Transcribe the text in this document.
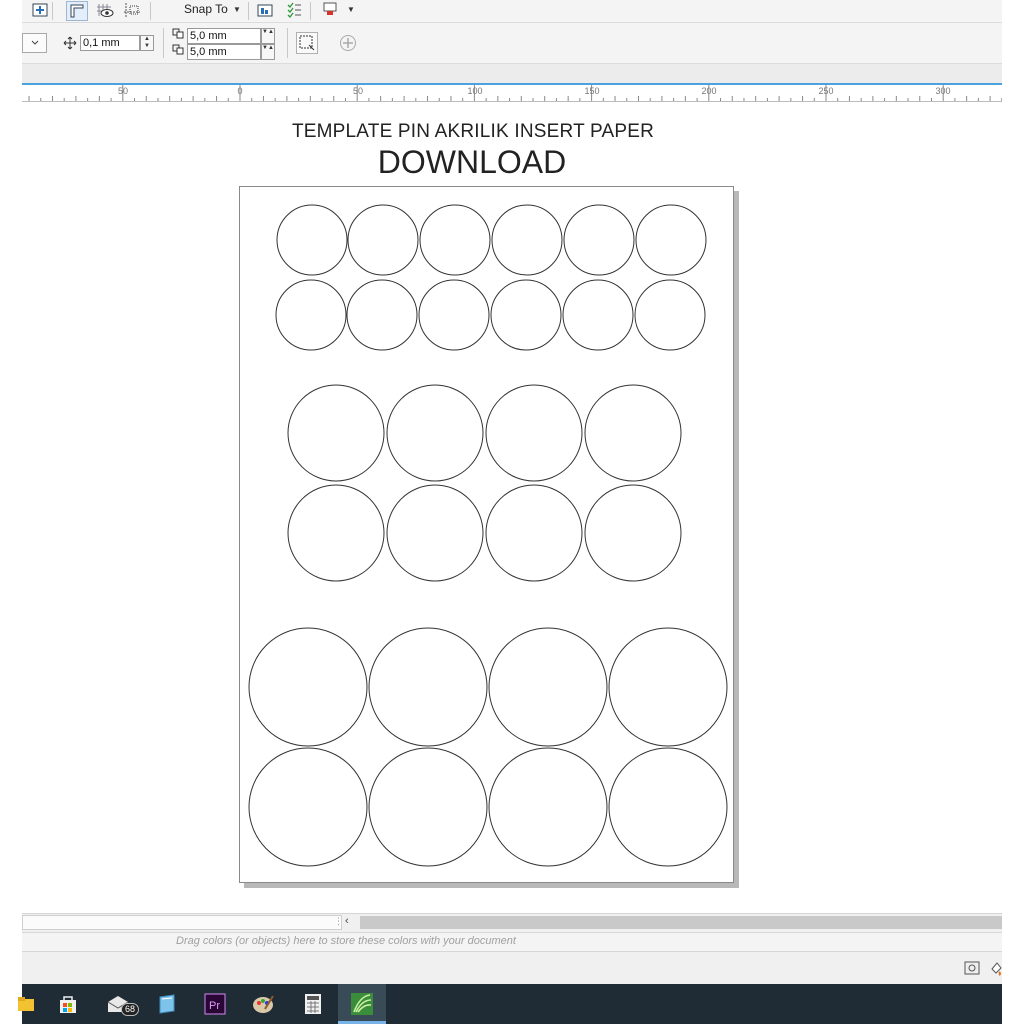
Snap To ▼	▼
0,1 mm	▲
▼
5,0 mm	▼▲
5,0 mm	▼▲
50	0	50	100	150	200	250	300
TEMPLATE PIN AKRILIK INSERT PAPER
DOWNLOAD
⋮ ‹
Drag colors (or objects) here to store these colors with your document
68	Pr
